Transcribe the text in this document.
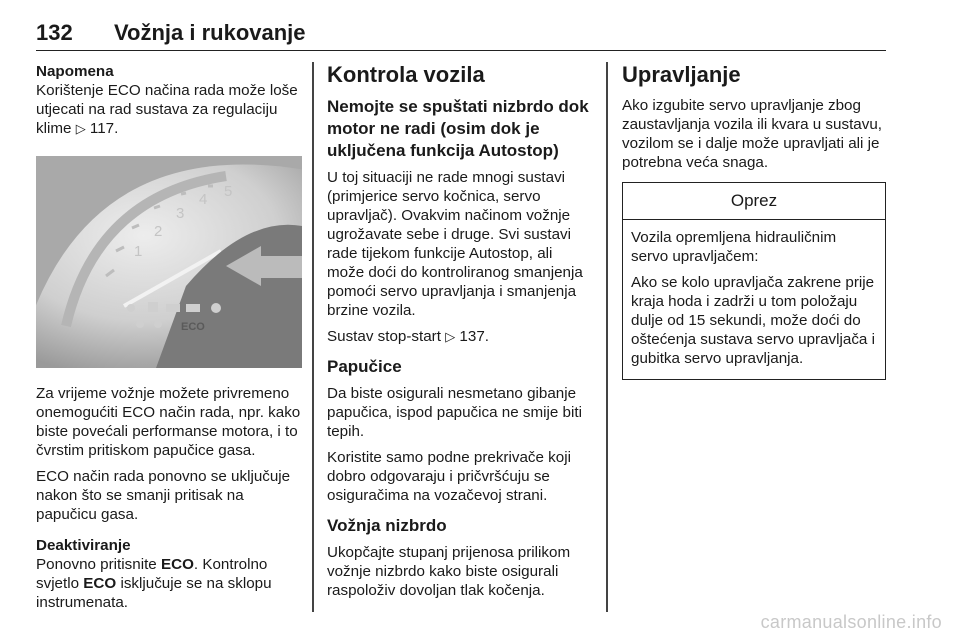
132 Vožnja i rukovanje
Napomena

Korištenje ECO načina rada može loše utjecati na rad sustava za regulaciju klime ▷ 117.

1
2
3
4 5
ECO

Za vrijeme vožnje možete privremeno onemogućiti ECO način rada, npr. kako biste povećali performanse motora, i to čvrstim pritiskom papučice gasa.

ECO način rada ponovno se uključuje nakon što se smanji pritisak na papučicu gasa.

Deaktiviranje

Ponovno pritisnite ECO. Kontrolno svjetlo ECO isključuje se na sklopu instrumenata.

Kontrola vozila
Nemojte se spuštati nizbrdo dok motor ne radi (osim dok je uključena funkcija Autostop)

U toj situaciji ne rade mnogi sustavi (primjerice servo kočnica, servo upravljač). Ovakvim načinom vožnje ugrožavate sebe i druge. Svi sustavi rade tijekom funkcije Autostop, ali može doći do kontroliranog smanjenja pomoći servo upravljanja i smanjenja brzine vozila.

Sustav stop-start ▷ 137.

Papučice

Da biste osigurali nesmetano gibanje papučica, ispod papučica ne smije biti tepih.

Koristite samo podne prekrivače koji dobro odgovaraju i pričvršćuju se osiguračima na vozačevoj strani.

Vožnja nizbrdo

Ukopčajte stupanj prijenosa prilikom vožnje nizbrdo kako biste osigurali raspoloživ dovoljan tlak kočenja.

Upravljanje

Ako izgubite servo upravljanje zbog zaustavljanja vozila ili kvara u sustavu, vozilom se i dalje može upravljati ali je potrebna veća snaga.

Oprez

Vozila opremljena hidrauličnim servo upravljačem:

Ako se kolo upravljača zakrene prije kraja hoda i zadrži u tom položaju dulje od 15 sekundi, može doći do oštećenja sustava servo upravljača i gubitka servo upravljanja.

carmanualsonline.info
